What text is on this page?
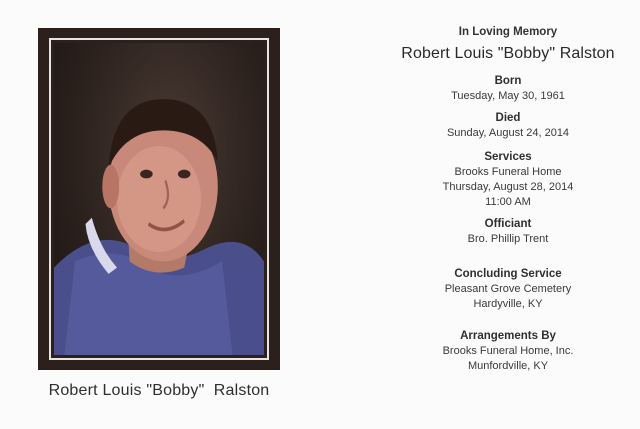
Robert Louis "Bobby"  Ralston
In Loving Memory
Robert Louis "Bobby" Ralston
Born
Tuesday, May 30, 1961
Died
Sunday, August 24, 2014
Services
Brooks Funeral Home
Thursday, August 28, 2014
11:00 AM
Officiant
Bro. Phillip Trent
Concluding Service
Pleasant Grove Cemetery
Hardyville, KY
Arrangements By
Brooks Funeral Home, Inc.
Munfordville, KY
